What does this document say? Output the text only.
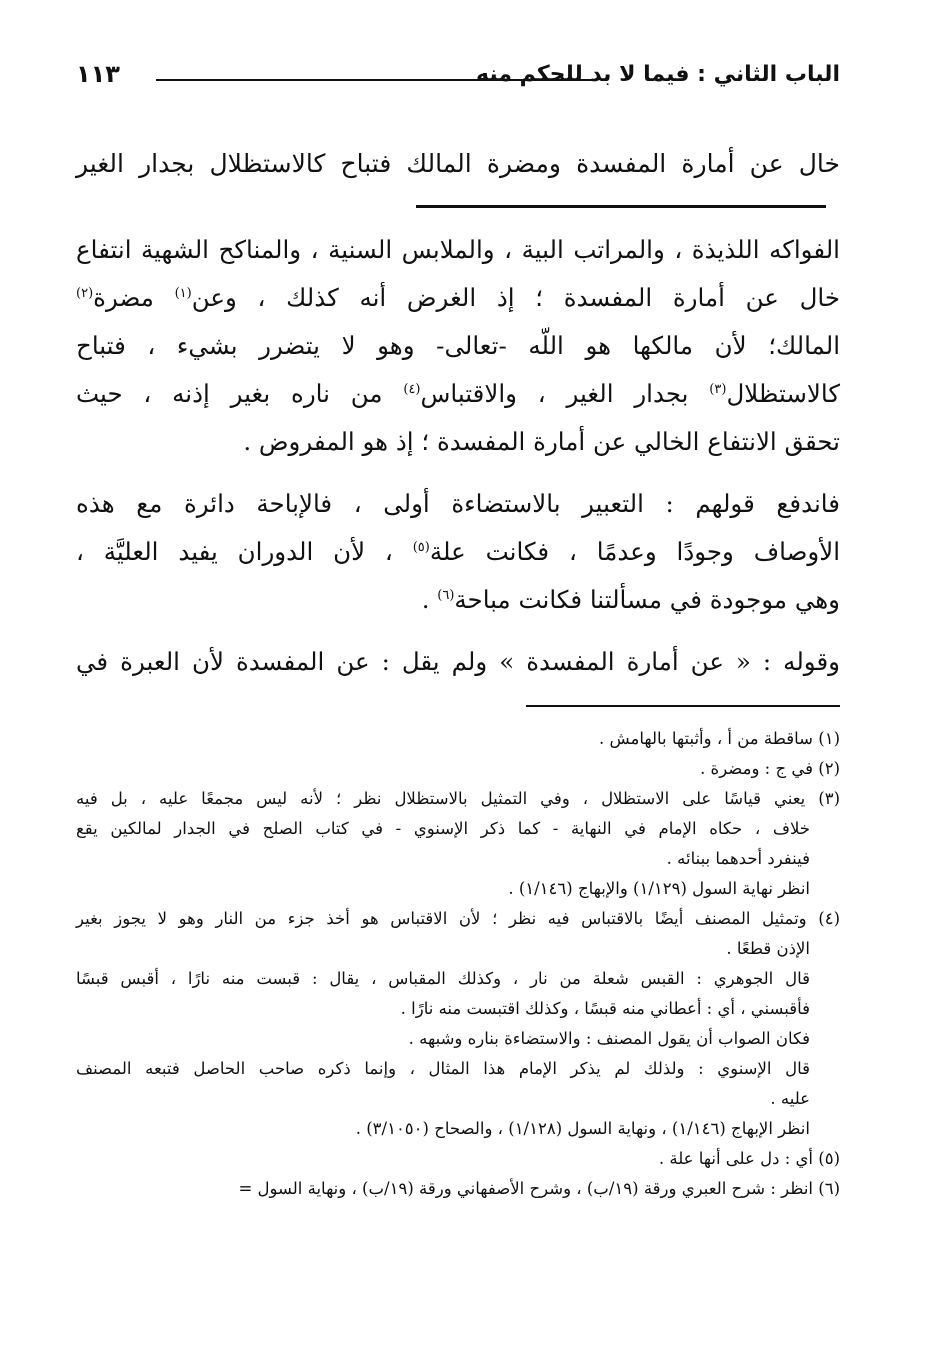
الباب الثاني : فيما لا بد للحكم منه
١١٣
خال عن أمارة المفسدة ومضرة المالك فتباح كالاستظلال بجدار الغير
الفواكه اللذيذة ، والمراتب البية ، والملابس السنية ، والمناكح الشهية انتفاع
خال عن أمارة المفسدة ؛ إذ الغرض أنه كذلك ، وعن$^{(١)}$ مضرة$^{(٢)}$
المالك؛ لأن مالكها هو اللّه -تعالى- وهو لا يتضرر بشيء ، فتباح
كالاستظلال$^{(٣)}$ بجدار الغير ، والاقتباس$^{(٤)}$ من ناره بغير إذنه ، حيث
تحقق الانتفاع الخالي عن أمارة المفسدة ؛ إذ هو المفروض .
فاندفع قولهم : التعبير بالاستضاءة أولى ، فالإباحة دائرة مع هذه
الأوصاف وجودًا وعدمًا ، فكانت علة$^{(٥)}$ ، لأن الدوران يفيد العليَّة ،
وهي موجودة في مسألتنا فكانت مباحة$^{(٦)}$ .
وقوله : « عن أمارة المفسدة » ولم يقل : عن المفسدة لأن العبرة في
(١) ساقطة من أ ، وأثبتها بالهامش .
(٢) في ج : ومضرة .
(٣) يعني قياسًا على الاستظلال ، وفي التمثيل بالاستظلال نظر ؛ لأنه ليس مجمعًا عليه ، بل فيه
خلاف ، حكاه الإمام في النهاية - كما ذكر الإسنوي - في كتاب الصلح في الجدار لمالكين يقع
فينفرد أحدهما ببنائه .
انظر نهاية السول (١/١٢٩) والإبهاج (١/١٤٦) .
(٤) وتمثيل المصنف أيضًا بالاقتباس فيه نظر ؛ لأن الاقتباس هو أخذ جزء من النار وهو لا يجوز بغير
الإذن قطعًا .
قال الجوهري : القبس شعلة من نار ، وكذلك المقباس ، يقال : قبست منه نارًا ، أقبس قبسًا
فأقبسني ، أي : أعطاني منه قبسًا ، وكذلك اقتبست منه نارًا .
فكان الصواب أن يقول المصنف : والاستضاءة بناره وشبهه .
قال الإسنوي : ولذلك لم يذكر الإمام هذا المثال ، وإنما ذكره صاحب الحاصل فتبعه المصنف
عليه .
انظر الإبهاج (١/١٤٦) ، ونهاية السول (١/١٢٨) ، والصحاح (٣/١٠٥٠) .
(٥) أي : دل على أنها علة .
(٦) انظر : شرح العبري ورقة (١٩/ب) ، وشرح الأصفهاني ورقة (١٩/ب) ، ونهاية السول =
